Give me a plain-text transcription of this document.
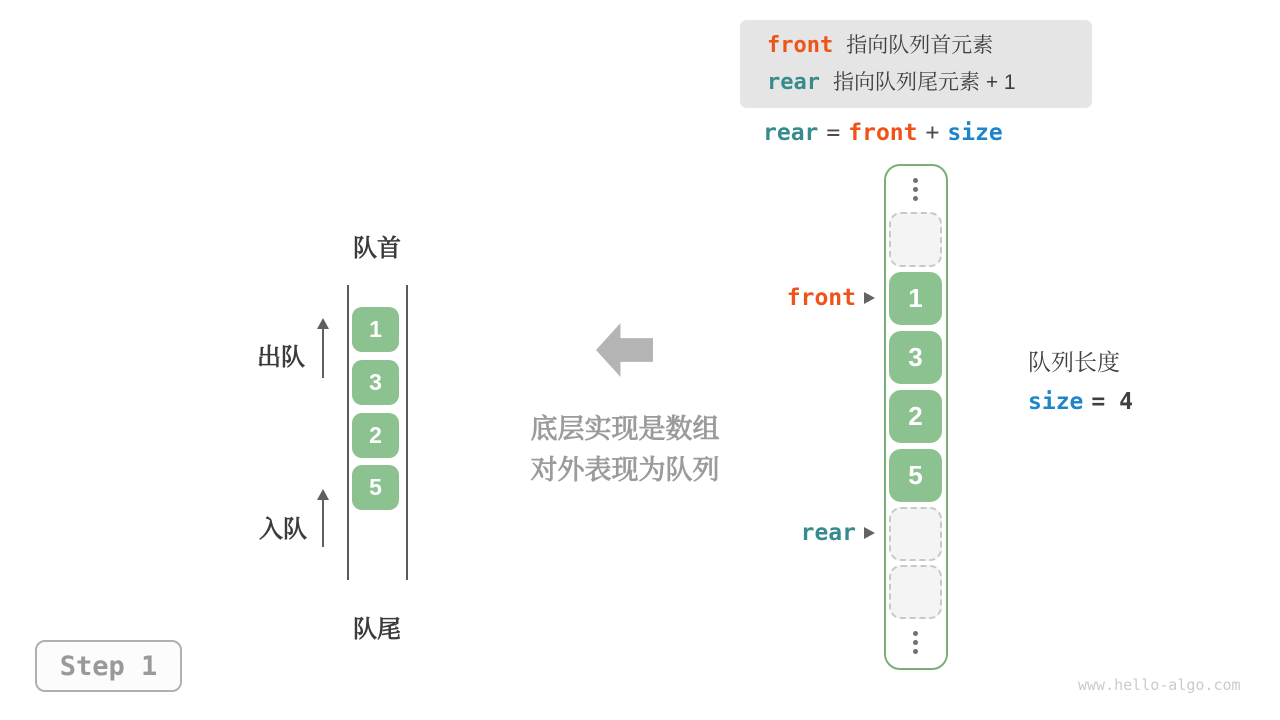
front 指向队列首元素
rear 指向队列尾元素 + 1
rear = front + size
队首
队尾
出队
入队
1
3
2
5
底层实现是数组
对外表现为队列
1
3
2
5
front
rear
队列长度
size = 4
Step 1
www.hello-algo.com
